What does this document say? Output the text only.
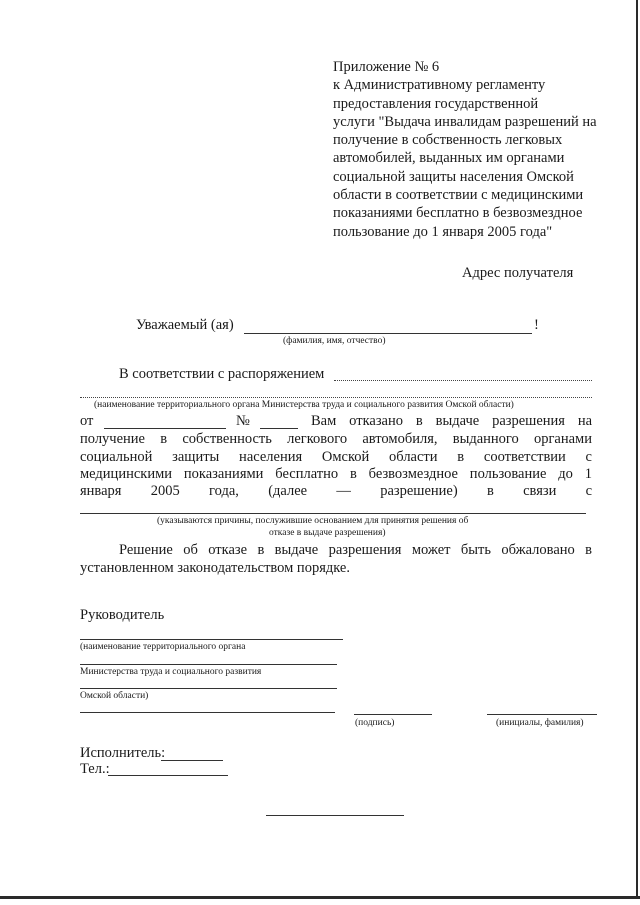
Приложение № 6
к Административному регламенту
предоставления государственной
услуги "Выдача инвалидам разрешений на
получение в собственность легковых
автомобилей, выданных им органами
социальной защиты населения Омской
области в соответствии с медицинскими
показаниями бесплатно в безвозмездное
пользование до 1 января 2005 года"
Адрес получателя
Уважаемый (ая)	!
(фамилия, имя, отчество)
В соответствии с распоряжением
(наименование территориального органа Министерства труда и социального развития Омской области)
от	№	Вам отказано в выдаче разрешения на
получение в собственность легкового автомобиля, выданного органами
социальной защиты населения Омской области в соответствии с
медицинскими показаниями бесплатно в безвозмездное пользование до 1
января 2005 года, (далее — разрешение) в связи с
(указываются причины, послужившие основанием для принятия решения об
отказе в выдаче разрешения)
Решение об отказе в выдаче разрешения может быть обжаловано в
установленном законодательством порядке.
Руководитель
(наименование территориального органа
Министерства труда и социального развития
Омской области)
(подпись)	(инициалы, фамилия)
Исполнитель:
Тел.:
